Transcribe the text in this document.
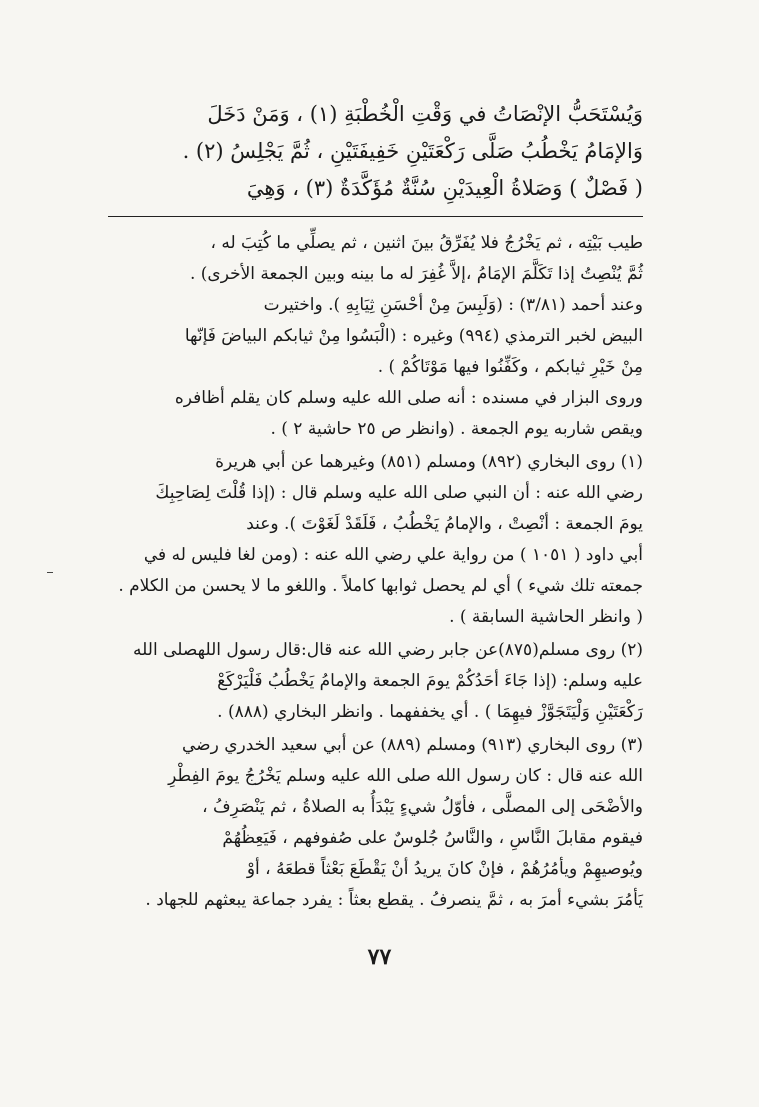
وَيُسْتَحَبُّ الإنْصَاتُ في وَقْتِ الْخُطْبَةِ (١) ، وَمَنْ دَخَلَ

وَالإمَامُ يَخْطُبُ صَلَّى رَكْعَتَيْنِ خَفِيفَتَيْنِ ، ثُمَّ يَجْلِسُ (٢) .

( فَصْلٌ ) وَصَلاةُ الْعِيدَيْنِ سُنَّةٌ مُؤَكَّدَةٌ (٣) ، وَهِيَ

طيب بَيْتِه ، ثم يَخْرُجُ فلا يُفَرِّقُ بينَ اثنين ، ثم يصلِّي ما كُتِبَ له ،

ثُمَّ يُنْصِتُ إذا تَكَلَّمَ الإمَامُ ،إلاَّ غُفِرَ له ما بينه وبين الجمعة الأخرى) .

وعند أحمد (٣/٨١) : (وَلَبِسَ مِنْ أحْسَنِ ثِيَابِهِ ). واختيرت

البيض لخبر الترمذي (٩٩٤) وغيره : (الْبَسُوا مِنْ ثيابكم البياضَ فَإنّها

مِنْ خَيْرِ ثيابكم ، وكَفِّنُوا فيها مَوْتَاكُمْ ) .

وروى البزار في مسنده : أنه صلى الله عليه وسلم كان يقلم أظافره

ويقص شاربه يوم الجمعة . (وانظر ص ٢٥ حاشية ٢ ) .

(١) روى البخاري (٨٩٢) ومسلم (٨٥١) وغيرهما عن أبي هريرة

رضي الله عنه : أن النبي صلى الله عليه وسلم قال : (إذا قُلْتَ لِصَاحِبِكَ

يومَ الجمعة : أنْصِتْ ، والإمامُ يَخْطُبُ ، فَلَقَدْ لَغَوْتَ ). وعند

أبي داود ( ١٠٥١ ) من رواية علي رضي الله عنه : (ومن لغا فليس له في

جمعته تلك شيء ) أي لم يحصل ثوابها كاملاً . واللغو ما لا يحسن من الكلام .

( وانظر الحاشية السابقة ) .

(٢) روى مسلم(٨٧٥)عن جابر رضي الله عنه قال:قال رسول اللهصلى الله

عليه وسلم: (إذا جَاءَ أحَدُكُمْ يومَ الجمعة والإمامُ يَخْطُبُ فَلْيَرْكَعْ

رَكْعَتَيْنِ وَلْيَتَجَوَّزْ فيهِمَا ) . أي يخففهما . وانظر البخاري (٨٨٨) .

(٣) روى البخاري (٩١٣) ومسلم (٨٨٩) عن أبي سعيد الخدري رضي

الله عنه قال : كان رسول الله صلى الله عليه وسلم يَخْرُجُ يومَ الفِطْرِ

والأضْحَى إلى المصلَّى ، فأوّلُ شيءٍ يَبْدَأُ به الصلاةُ ، ثم يَنْصَرِفُ ،

فيقوم مقابلَ النَّاسِ ، والنَّاسُ جُلوسٌ على صُفوفهم ، فَيَعِظُهُمْ

ويُوصيهِمْ ويأمُرُهُمْ ، فإنْ كانَ يريدُ أنْ يَقْطَعَ بَعْثاً قطعَهُ ، أوْ

يَأمُرَ بشيء أمرَ به ، ثمَّ ينصرفُ . يقطع بعثاً : يفرد جماعة يبعثهم للجهاد .

٧٧
